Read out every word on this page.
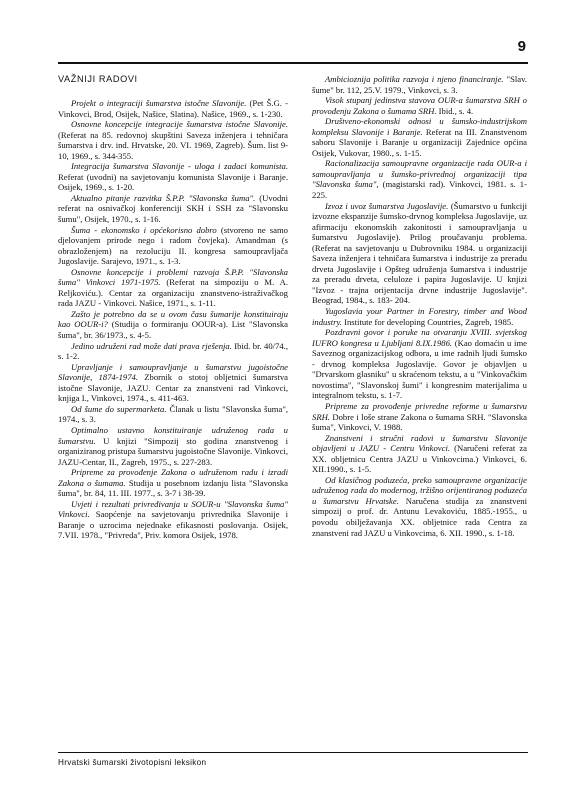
9
VAŽNIJI RADOVI

Projekt o integraciji šumarstva istočne Slavonije. (Pet Š.G. - Vinkovci, Brod, Osijek, Našice, Slatina). Našice, 1969., s. 1-230.

Osnovne koncepcije integracije šumarstva istočne Slavonije. (Referat na 85. redovnoj skupštini Saveza inženjera i tehničara šumarstva i drv. ind. Hrvatske, 20. VI. 1969, Zagreb). Šum. list 9-10, 1969., s. 344-355.

Integracija šumarstva Slavonije - uloga i zadaci komunista. Referat (uvodni) na savjetovanju komunista Slavonije i Baranje. Osijek, 1969., s. 1-20.

Aktualno pitanje razvitka Š.P.P. "Slavonska šuma". (Uvodni referat na osnivačkoj konferenciji SKH i SSH za "Slavonsku šumu", Osijek, 1970., s. 1-16.

Šuma - ekonomsko i općekorisno dobro (stvoreno ne samo djelovanjem prirode nego i radom čovjeka). Amandman (s obrazloženjem) na rezoluciju II. kongresa samoupravljača Jugoslavije. Sarajevo, 1971., s. 1-3.

Osnovne koncepcije i problemi razvoja Š.P.P. "Slavonska šuma" Vinkovci 1971-1975. (Referat na simpoziju o M. A. Reljkoviću.). Centar za organizaciju znanstveno-istraživačkog rada JAZU - Vinkovci. Našice, 1971., s. 1-11.

Zašto je potrebno da se u ovom času šumarije konstituiraju kao OOUR-i? (Studija o formiranju OOUR-a). List "Slavonska šuma", br. 36/1973., s. 4-5.

Jedino udruženi rad može dati prava rješenja. Ibid. br. 40/74., s. 1-2.

Upravljanje i samoupravljanje u šumarstvu jugoistočne Slavonije, 1874-1974. Zbornik o stotoj obljetnici šumarstva istočne Slavonije, JAZU. Centar za znanstveni rad Vinkovci, knjiga I., Vinkovci, 1974., s. 411-463.

Od šume do supermarketa. Članak u listu "Slavonska šuma", 1974., s. 3.

Optimalno ustavno konstituiranje udruženog rada u šumarstvu. U knjizi "Simpozij sto godina znanstvenog i organiziranog pristupa šumarstvu jugoistočne Slavonije. Vinkovci, JAZU-Centar, II., Zagreb, 1975., s. 227-283.

Pripreme za provođenje Zakona o udruženom radu i izradi Zakona o šumama. Studija u posebnom izdanju lista "Slavonska šuma", br. 84, 11. III. 1977., s. 3-7 i 38-39.

Uvjeti i rezultati privređivanja u SOUR-u "Slavonska šuma" Vinkovci. Saopćenje na savjetovanju privrednika Slavonije i Baranje o uzrocima nejednake efikasnosti poslovanja. Osijek, 7.VII. 1978., "Privreda", Priv. komora Osijek, 1978.

Ambicioznija politika razvoja i njeno financiranje. "Slav. šume" br. 112, 25.V. 1979., Vinkovci, s. 3.

Visok stupanj jedinstva stavova OUR-a šumarstva SRH o provođenju Zakona o šumama SRH. Ibid., s. 4.

Društveno-ekonomski odnosi u šumsko-industrijskom kompleksu Slavonije i Baranje. Referat na III. Znanstvenom saboru Slavonije i Baranje u organizaciji Zajednice općina Osijek, Vukovar, 1980., s. 1-15.

Racionalizacija samoupravne organizacije rada OUR-a i samoupravljanja u šumsko-privrednoj organizaciji tipa "Slavonska šuma", (magistarski rad). Vinkovci, 1981. s. 1-225.

Izvoz i uvoz šumarstva Jugoslavije. (Šumarstvo u funkciji izvozne ekspanzije šumsko-drvnog kompleksa Jugoslavije, uz afirmaciju ekonomskih zakonitosti i samoupravljanja u šumarstvu Jugoslavije). Prilog proučavanju problema. (Referat na savjetovanju u Dubrovniku 1984. u organizaciji Saveza inženjera i tehničara šumarstva i industrije za preradu drveta Jugoslavije i Opšteg udruženja šumarstva i industrije za preradu drveta, celuloze i papira Jugoslavije. U knjizi "Izvoz - trajna orijentacija drvne industrije Jugoslavije". Beograd, 1984., s. 183- 204.

Yugoslavia your Partner in Forestry, timber and Wood industry. Institute for developing Countries, Zagreb, 1985.

Pozdravni govor i poruke na otvaranju XVIII. svjetskog IUFRO kongresa u Ljubljani 8.IX.1986. (Kao domaćin u ime Saveznog organizacijskog odbora, u ime radnih ljudi šumsko - drvnog kompleksa Jugoslavije. Govor je objavljen u "Drvarskom glasniku" u skraćenom tekstu, a u "Vinkovačkim novostima", "Slavonskoj šumi" i kongresnim materijalima u integralnom tekstu, s. 1-7.

Pripreme za provođenje privredne reforme u šumarstvu SRH. Dobre i loše strane Zakona o šumama SRH. "Slavonska šuma", Vinkovci, V. 1988.

Znanstveni i stručni radovi u šumarstvu Slavonije objavljeni u JAZU - Centru Vinkovci. (Naručeni referat za XX. obljetnicu Centra JAZU u Vinkovcima.) Vinkovci, 6. XII.1990., s. 1-5.

Od klasičnog poduzeća, preko samoupravne organizacije udruženog rada do modernog, tržišno orijentiranog poduzeća u šumarstvu Hrvatske. Naručena studija za znanstveni simpozij o prof. dr. Antunu Levakoviću, 1885.-1955., u povodu obilježavanja XX. obljetnice rada Centra za znanstveni rad JAZU u Vinkovcima, 6. XII. 1990., s. 1-18.

Hrvatski šumarski životopisni leksikon
